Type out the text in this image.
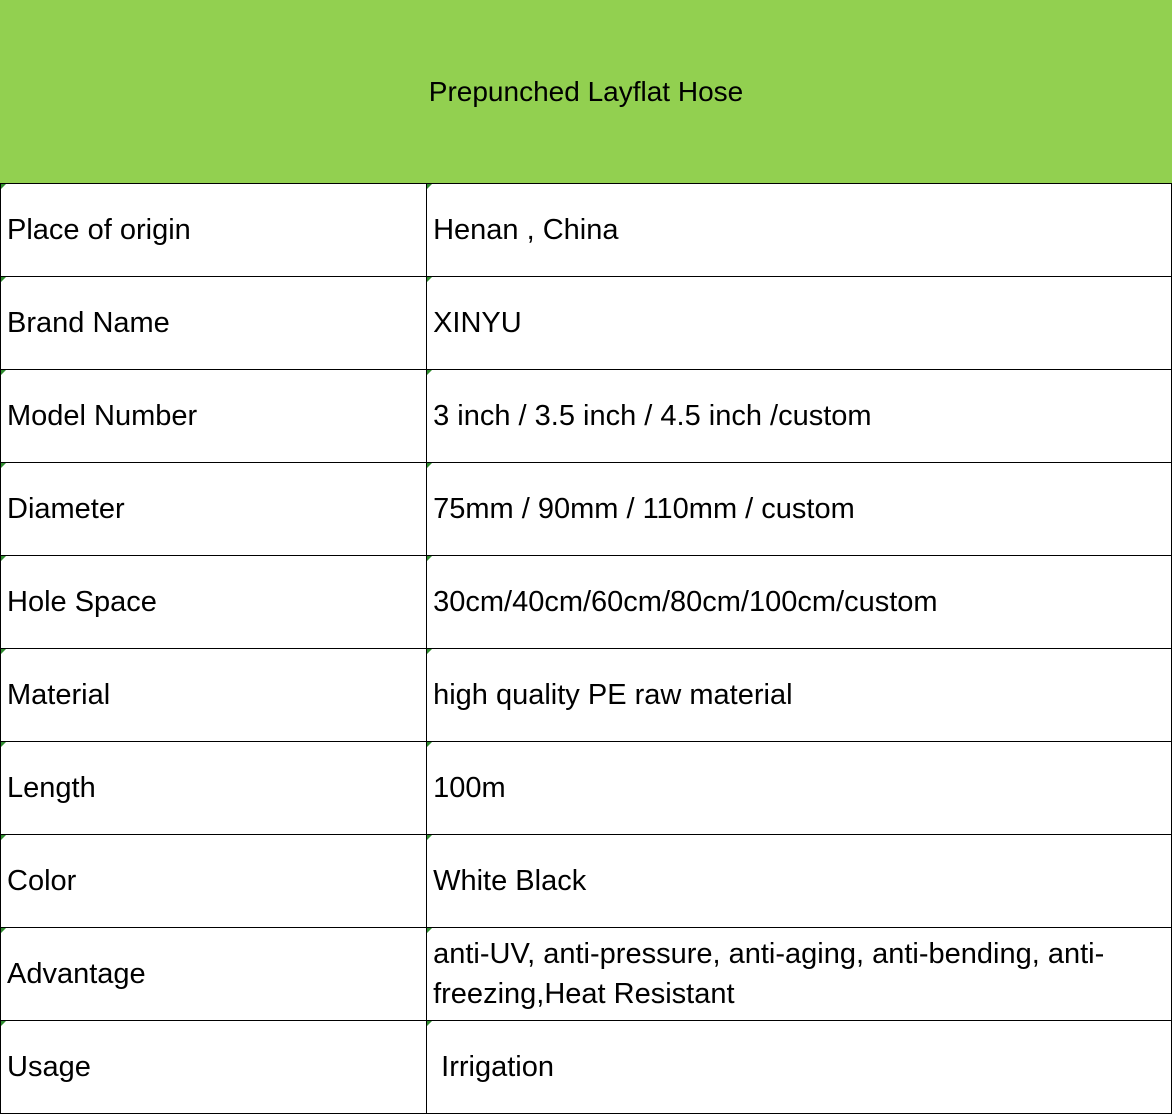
Prepunched Layflat Hose	
Place of origin	Henan , China

Brand Name	XINYU

Model Number	3 inch / 3.5 inch / 4.5 inch /custom

Diameter	75mm / 90mm / 110mm / custom

Hole Space	30cm/40cm/60cm/80cm/100cm/custom

Material	high quality PE raw material

Length	100m

Color	White Black

Advantage	anti-UV, anti-pressure, anti-aging, anti-bending, anti-freezing,Heat Resistant

Usage	Irrigation
